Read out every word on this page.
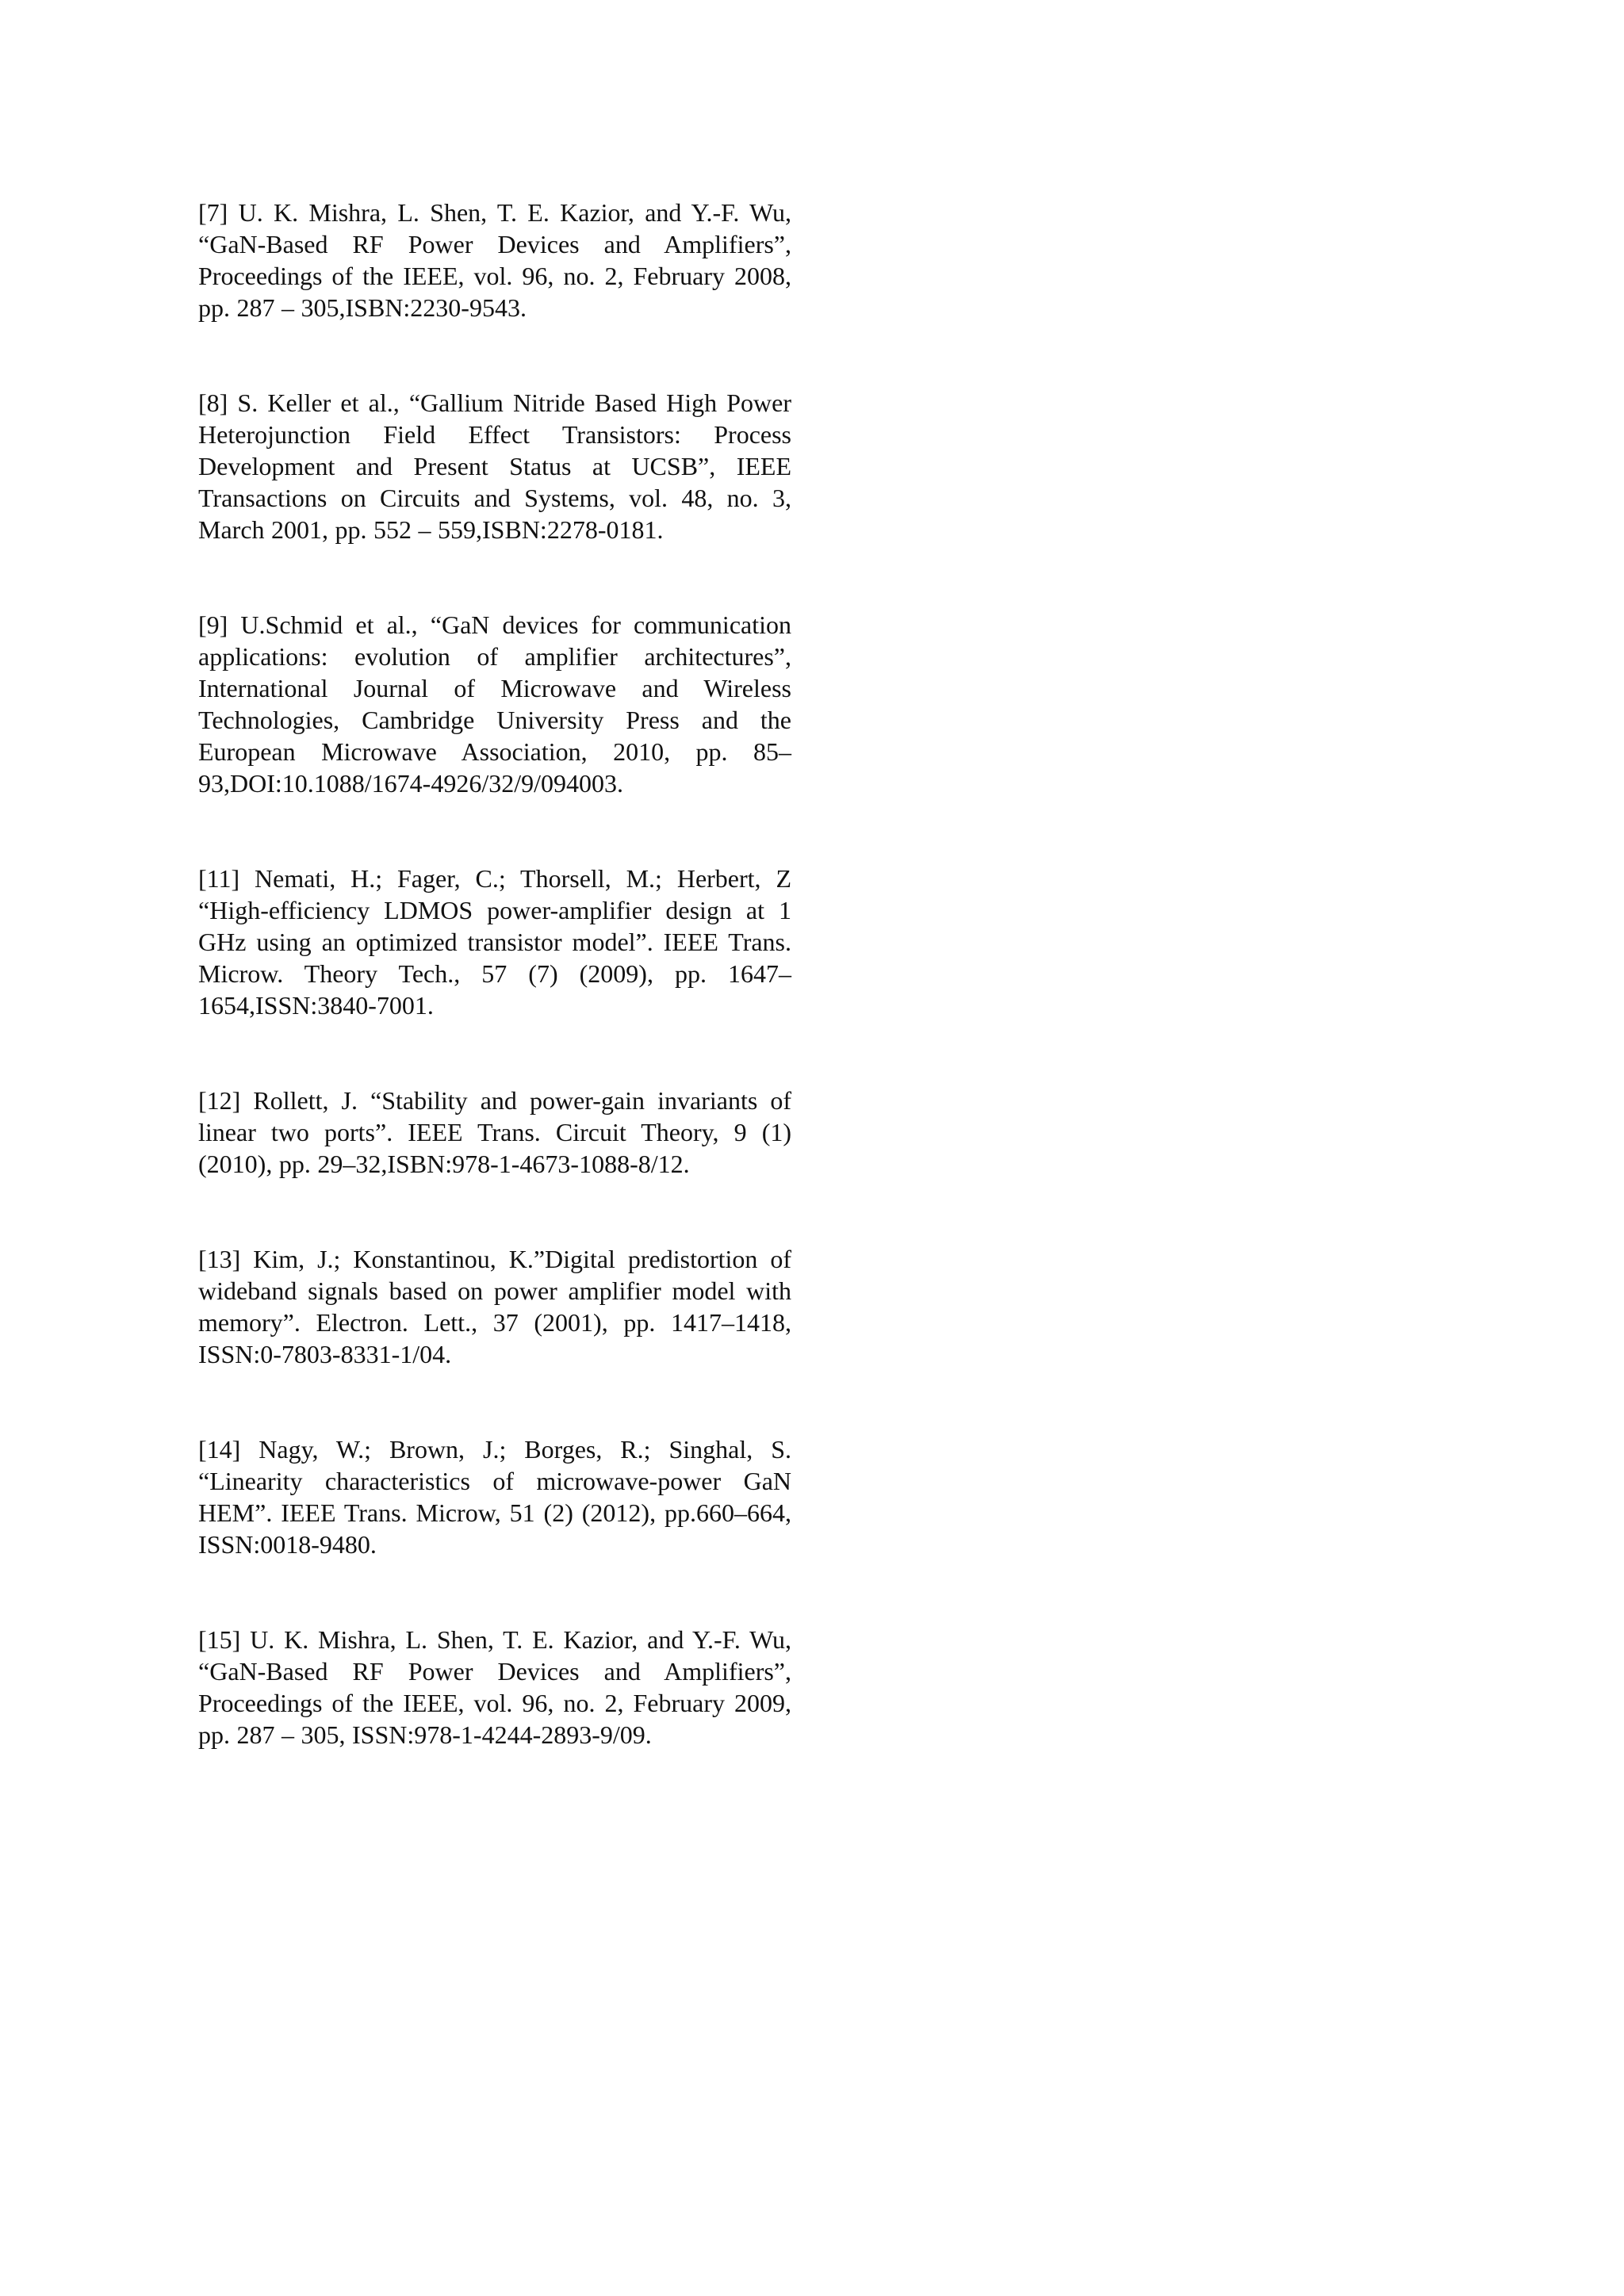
[7] U. K. Mishra, L. Shen, T. E. Kazior, and Y.-F. Wu, “GaN-Based RF Power Devices and Amplifiers”, Proceedings of the IEEE, vol. 96, no. 2, February 2008, pp. 287 – 305,ISBN:2230-9543.

[8] S. Keller et al., “Gallium Nitride Based High Power Heterojunction Field Effect Transistors: Process Development and Present Status at UCSB”, IEEE Transactions on Circuits and Systems, vol. 48, no. 3, March 2001, pp. 552 – 559,ISBN:2278-0181.

[9] U.Schmid et al., “GaN devices for communication applications: evolution of amplifier architectures”, International Journal of Microwave and Wireless Technologies, Cambridge University Press and the European Microwave Association, 2010, pp. 85–93,DOI:10.1088/1674-4926/32/9/094003.

[11] Nemati, H.; Fager, C.; Thorsell, M.; Herbert, Z “High-efficiency LDMOS power-amplifier design at 1 GHz using an optimized transistor model”. IEEE Trans. Microw. Theory Tech., 57 (7) (2009), pp. 1647–1654,ISSN:3840-7001.

[12] Rollett, J. “Stability and power-gain invariants of linear two ports”. IEEE Trans. Circuit Theory, 9 (1) (2010), pp. 29–32,ISBN:978-1-4673-1088-8/12.

[13] Kim, J.; Konstantinou, K.”Digital predistortion of wideband signals based on power amplifier model with memory”. Electron. Lett., 37 (2001), pp. 1417–1418, ISSN:0-7803-8331-1/04.

[14] Nagy, W.; Brown, J.; Borges, R.; Singhal, S. “Linearity characteristics of microwave-power GaN HEM”. IEEE Trans. Microw, 51 (2) (2012), pp.660–664, ISSN:0018-9480.

[15] U. K. Mishra, L. Shen, T. E. Kazior, and Y.-F. Wu, “GaN-Based RF Power Devices and Amplifiers”, Proceedings of the IEEE, vol. 96, no. 2, February 2009, pp. 287 – 305, ISSN:978-1-4244-2893-9/09.
